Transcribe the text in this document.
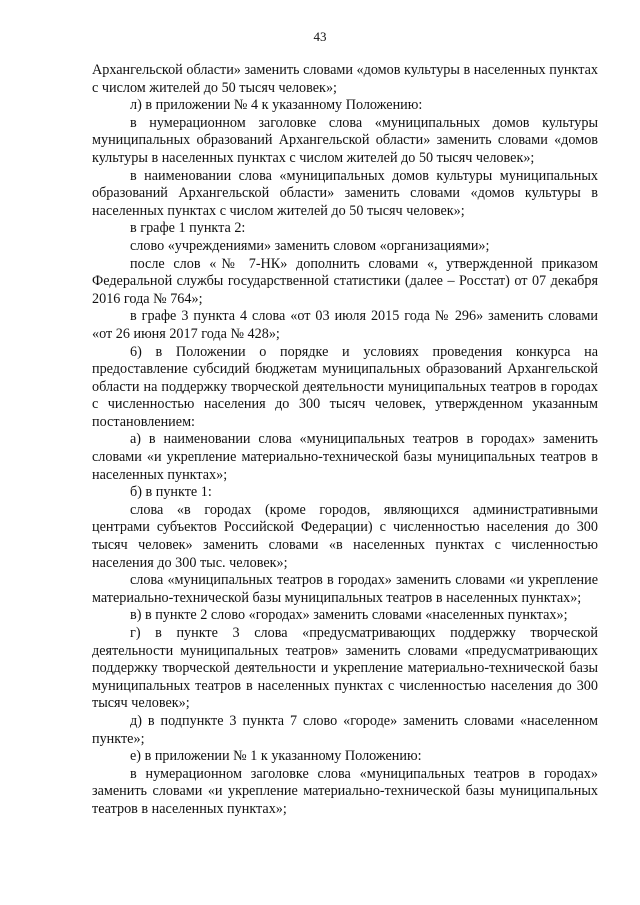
43

Архангельской области» заменить словами «домов культуры в населенных пунктах с числом жителей до 50 тысяч человек»;

л) в приложении № 4 к указанному Положению:

в нумерационном заголовке слова «муниципальных домов культуры муниципальных образований Архангельской области» заменить словами «домов культуры в населенных пунктах с числом жителей до 50 тысяч человек»;

в наименовании слова «муниципальных домов культуры муниципальных образований Архангельской области» заменить словами «домов культуры в населенных пунктах с числом жителей до 50 тысяч человек»;

в графе 1 пункта 2:

слово «учреждениями» заменить словом «организациями»;

после слов «№ 7-НК» дополнить словами «, утвержденной приказом Федеральной службы государственной статистики (далее – Росстат) от 07 декабря 2016 года № 764»;

в графе 3 пункта 4 слова «от 03 июля 2015 года № 296» заменить словами «от 26 июня 2017 года № 428»;

6) в Положении о порядке и условиях проведения конкурса на предоставление субсидий бюджетам муниципальных образований Архангельской области на поддержку творческой деятельности муниципальных театров в городах с численностью населения до 300 тысяч человек, утвержденном указанным постановлением:

а) в наименовании слова «муниципальных театров в городах» заменить словами «и укрепление материально-технической базы муниципальных театров в населенных пунктах»;

б) в пункте 1:

слова «в городах (кроме городов, являющихся административными центрами субъектов Российской Федерации) с численностью населения до 300 тысяч человек» заменить словами «в населенных пунктах с численностью населения до 300 тыс. человек»;

слова «муниципальных театров в городах» заменить словами «и укрепление материально-технической базы муниципальных театров в населенных пунктах»;

в) в пункте 2 слово «городах» заменить словами «населенных пунктах»;

г) в пункте 3 слова «предусматривающих поддержку творческой деятельности муниципальных театров» заменить словами «предусматривающих поддержку творческой деятельности и укрепление материально-технической базы муниципальных театров в населенных пунктах с численностью населения до 300 тысяч человек»;

д) в подпункте 3 пункта 7 слово «городе» заменить словами «населенном пункте»;

е) в приложении № 1 к указанному Положению:

в нумерационном заголовке слова «муниципальных театров в городах» заменить словами «и укрепление материально-технической базы муниципальных театров в населенных пунктах»;
